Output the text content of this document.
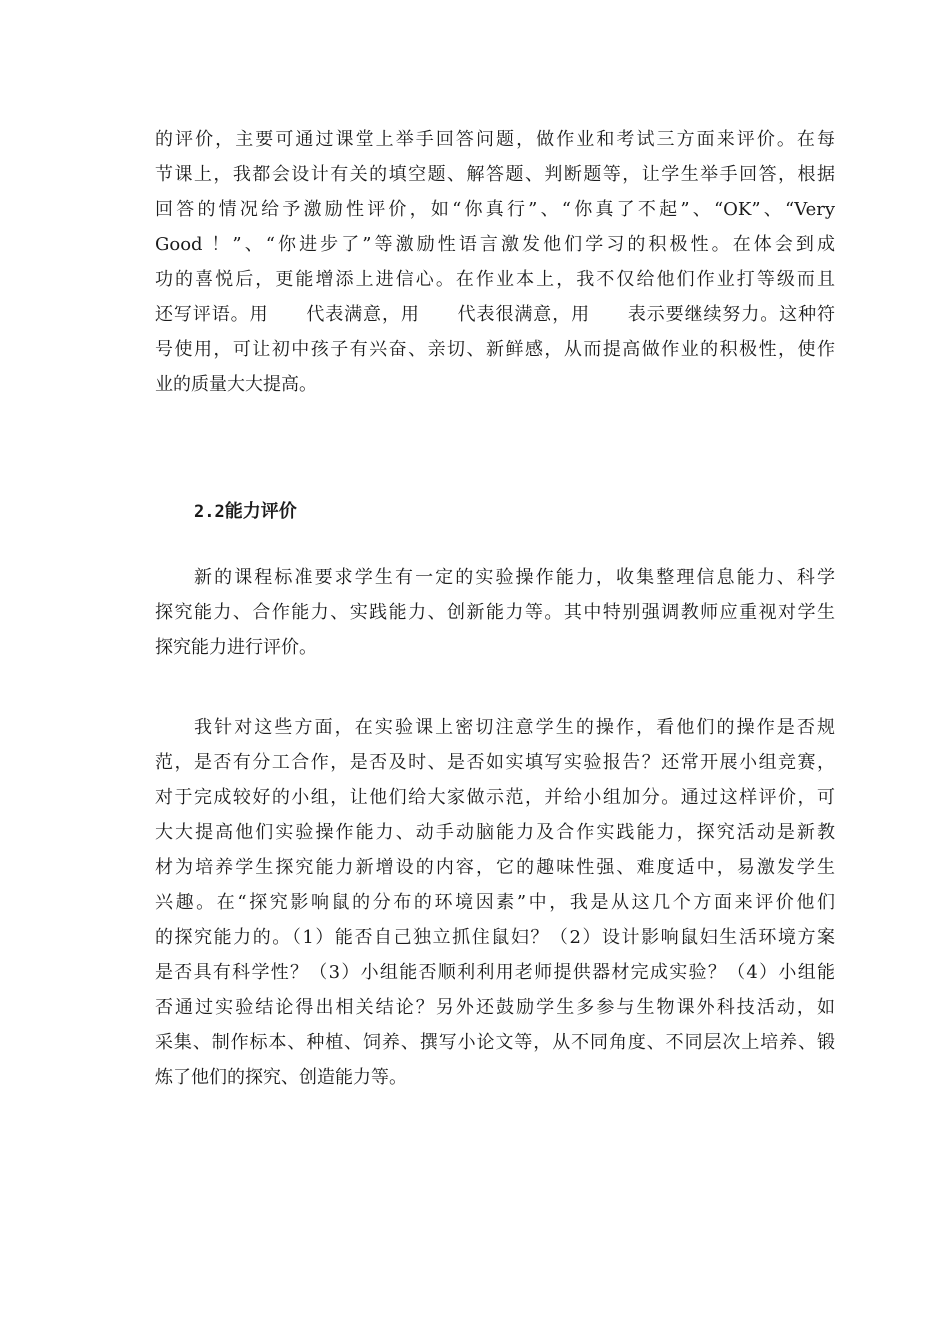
的评价，主要可通过课堂上举手回答问题，做作业和考试三方面来评价。在每
节课上，我都会设计有关的填空题、解答题、判断题等，让学生举手回答，根据
回答的情况给予激励性评价，如“你真行”、“你真了不起”、“OK”、“Very
Good ！”、“你进步了”等激励性语言激发他们学习的积极性。在体会到成
功的喜悦后，更能增添上进信心。在作业本上，我不仅给他们作业打等级而且
还写评语。用　　代表满意，用　　代表很满意，用　　表示要继续努力。这种符
号使用，可让初中孩子有兴奋、亲切、新鲜感，从而提高做作业的积极性，使作
业的质量大大提高。
2.2能力评价
新的课程标准要求学生有一定的实验操作能力，收集整理信息能力、科学
探究能力、合作能力、实践能力、创新能力等。其中特别强调教师应重视对学生
探究能力进行评价。
我针对这些方面，在实验课上密切注意学生的操作，看他们的操作是否规
范，是否有分工合作，是否及时、是否如实填写实验报告？还常开展小组竞赛，
对于完成较好的小组，让他们给大家做示范，并给小组加分。通过这样评价，可
大大提高他们实验操作能力、动手动脑能力及合作实践能力，探究活动是新教
材为培养学生探究能力新增设的内容，它的趣味性强、难度适中，易激发学生
兴趣。在“探究影响鼠的分布的环境因素”中，我是从这几个方面来评价他们
的探究能力的。（1）能否自己独立抓住鼠妇？（2）设计影响鼠妇生活环境方案
是否具有科学性？（3）小组能否顺利利用老师提供器材完成实验？（4）小组能
否通过实验结论得出相关结论？另外还鼓励学生多参与生物课外科技活动，如
采集、制作标本、种植、饲养、撰写小论文等，从不同角度、不同层次上培养、锻
炼了他们的探究、创造能力等。
